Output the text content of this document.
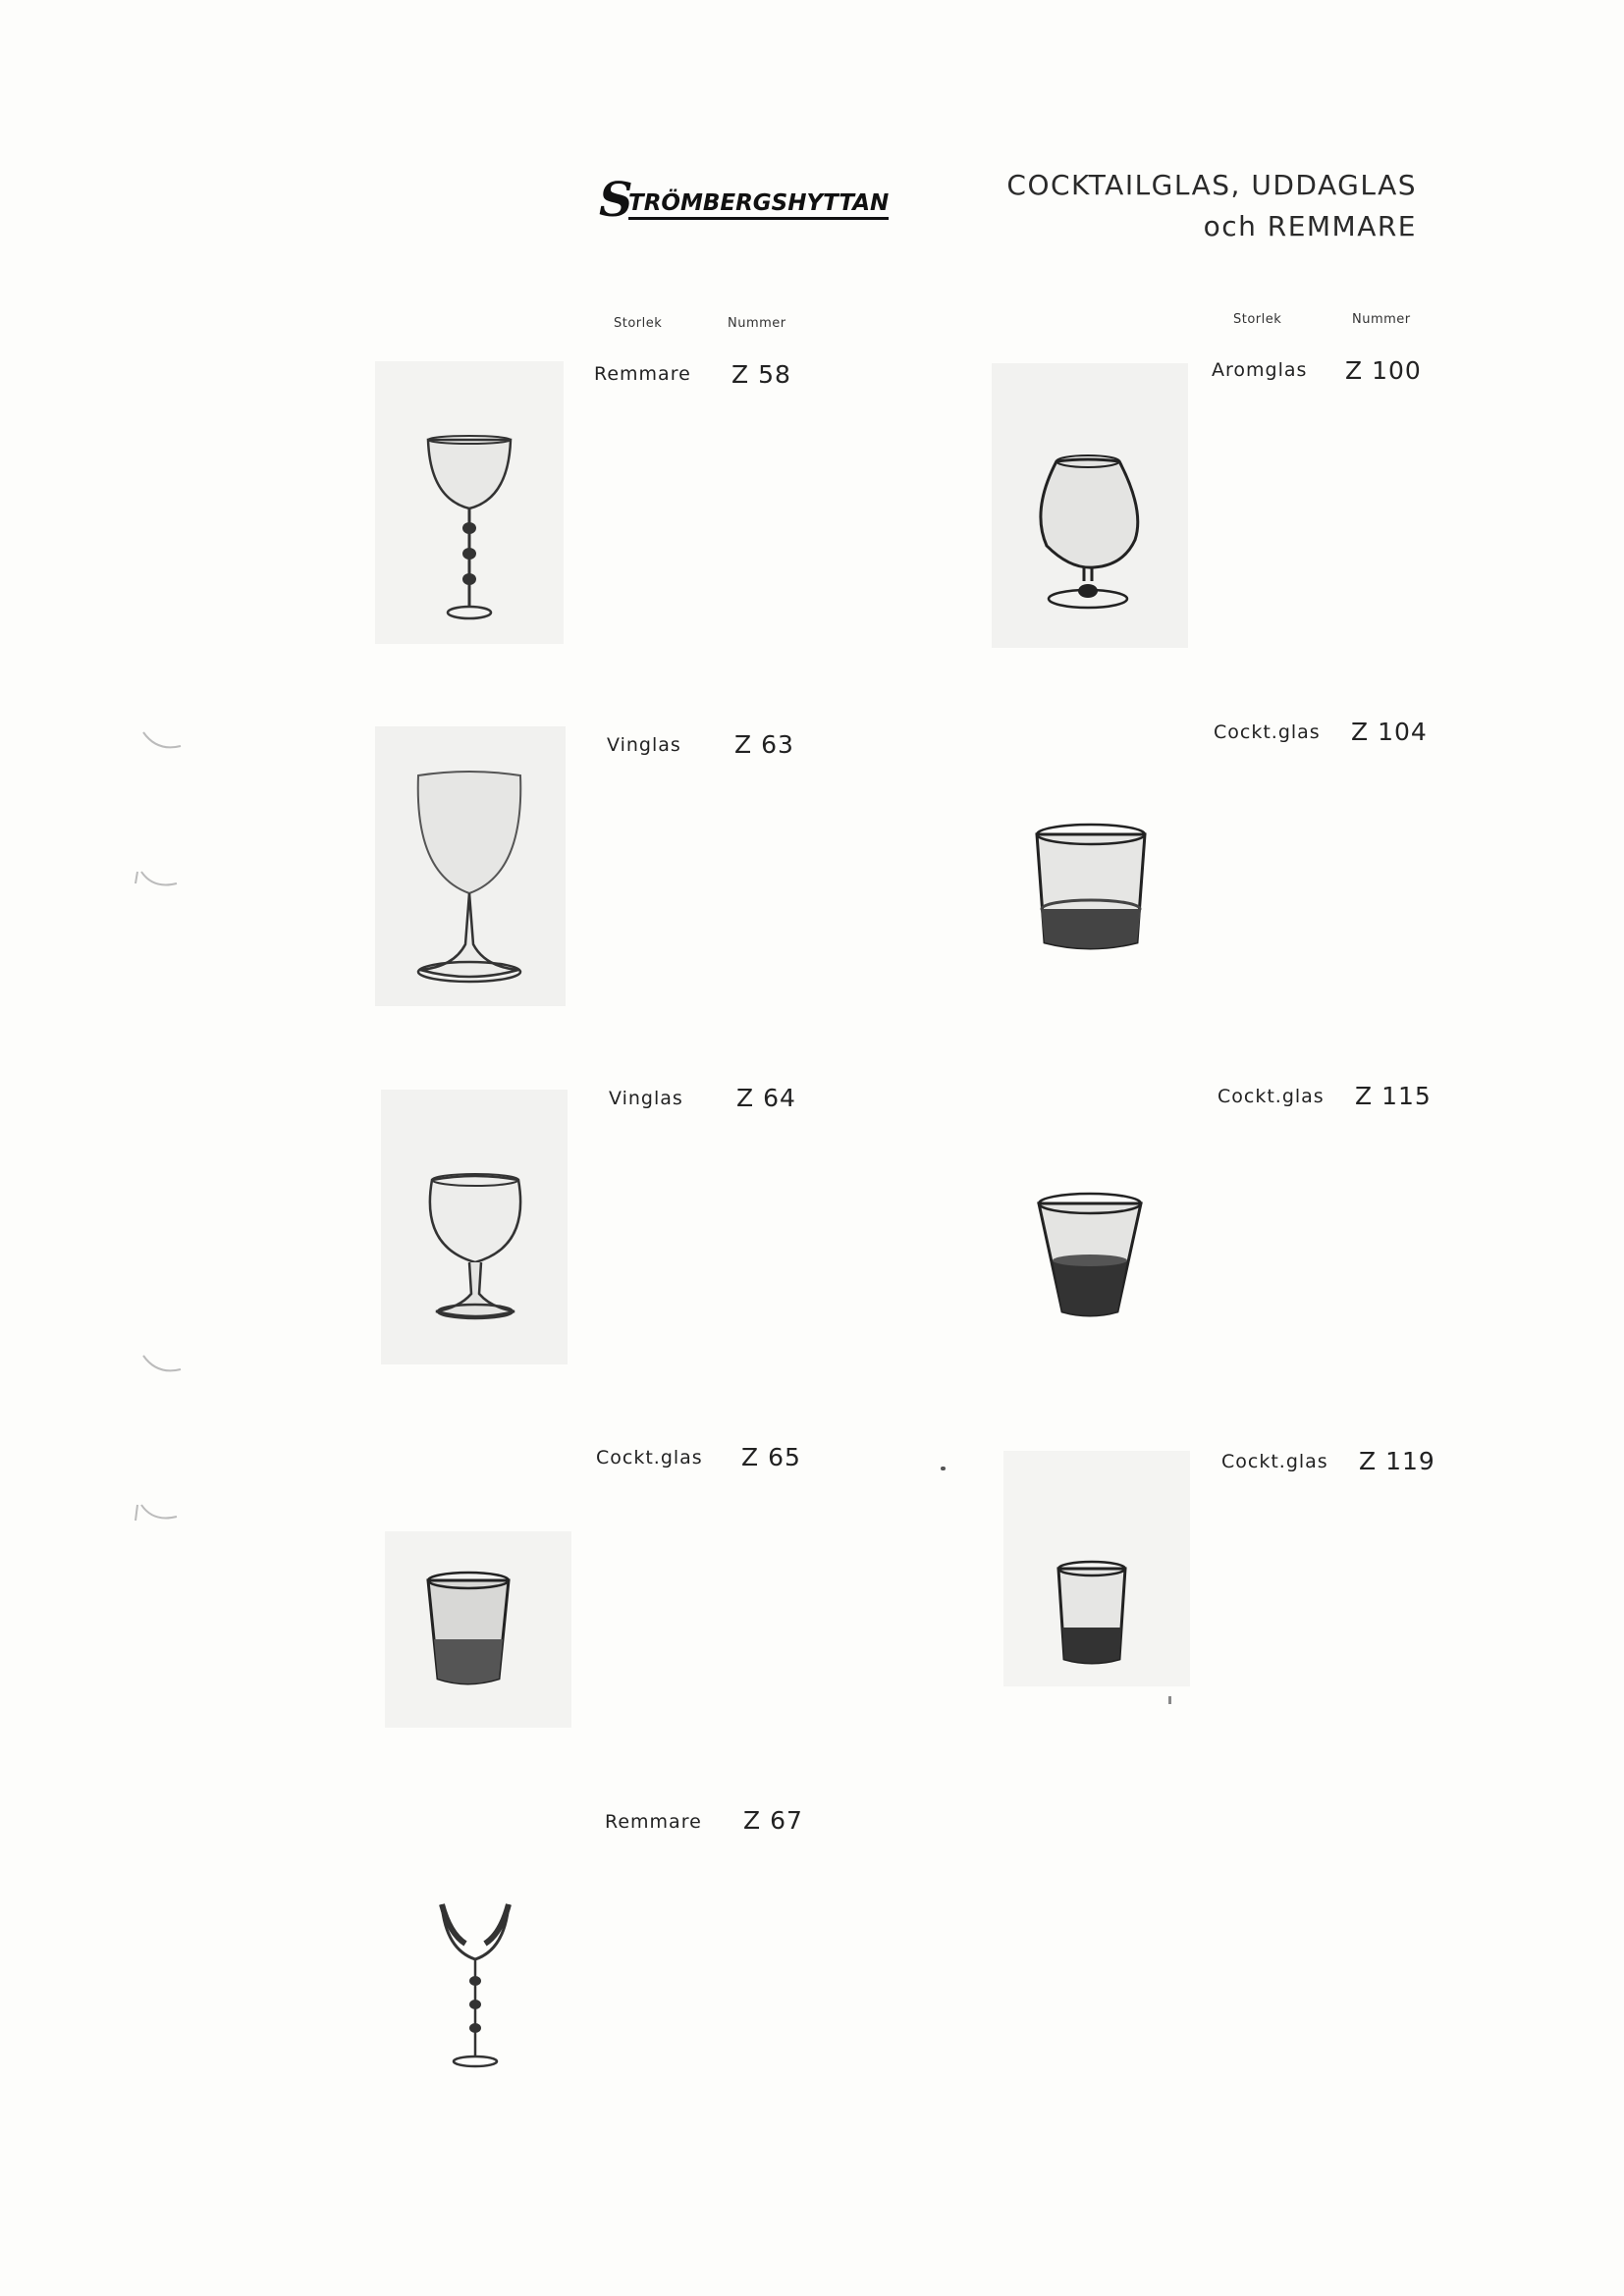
S
TRÖMBERGSHYTTAN
COCKTAILGLAS, UDDAGLAS
och REMMARE
Storlek	Nummer	Storlek	Nummer
Remmare Z 58
Vinglas Z 63
Vinglas Z 64
Cockt.glas Z 65
Remmare Z 67
Aromglas Z 100
Cockt.glas Z 104
Cockt.glas Z 115
Cockt.glas Z 119
